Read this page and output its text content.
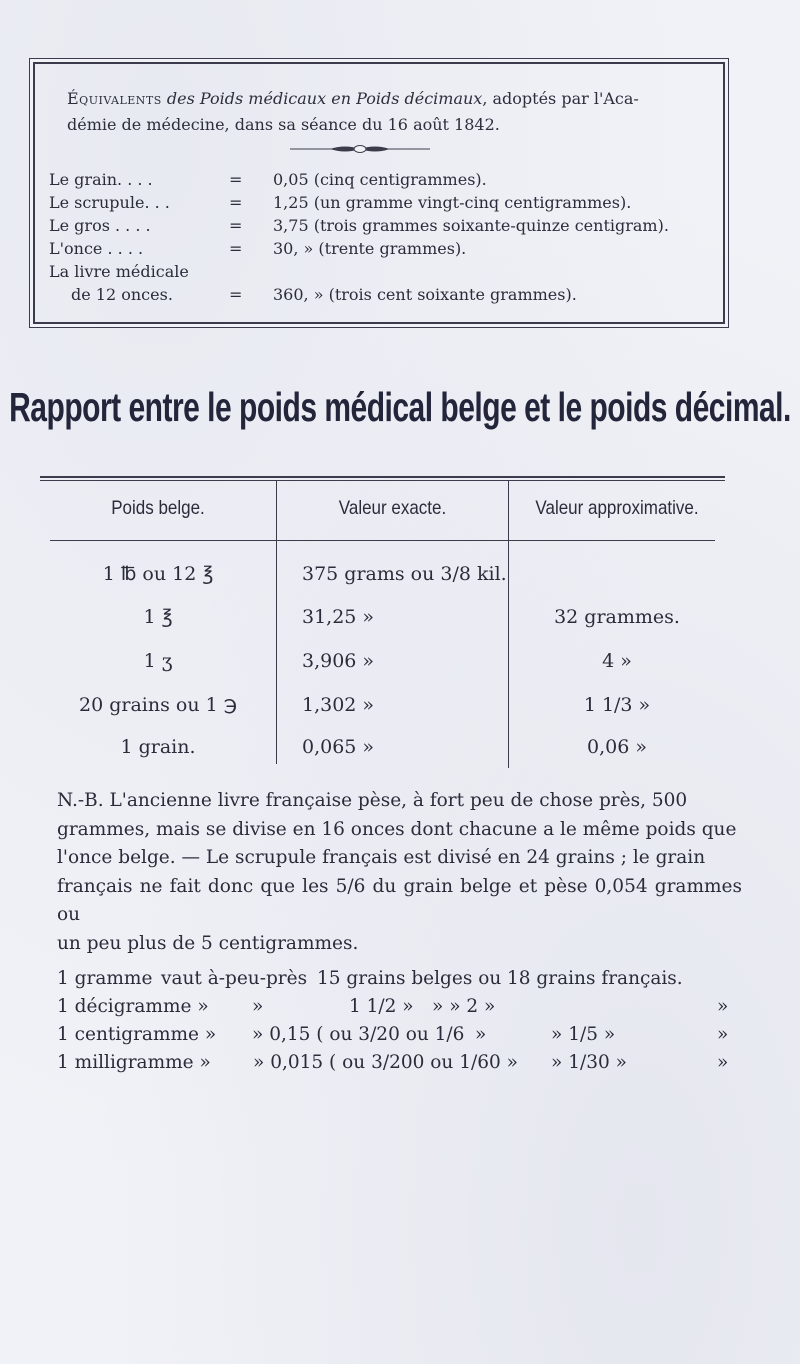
Équivalents des Poids médicaux en Poids décimaux, adoptés par l'Aca-
démie de médecine, dans sa séance du 16 août 1842.
Le grain. . . .	= 0,05 (cinq centigrammes).
Le scrupule. . .	= 1,25 (un gramme vingt-cinq centigrammes).
Le gros . . . .	= 3,75 (trois grammes soixante-quinze centigram).
L'once . . . .	= 30, » (trente grammes).
La livre médicale
de 12 onces.	= 360, » (trois cent soixante grammes).
Rapport entre le poids médical belge et le poids décimal.
Poids belge.	Valeur exacte.	Valeur approximative.
1 ℔ ou 12 ℥	375 grams ou 3/8 kil.
1 ℥	31,25 »	32 grammes.
1 ʒ	3,906 »	4 »
20 grains ou 1 ℈	1,302 »	1 1/3 »
1 grain.	0,065 »	0,06 »
N.-B. L'ancienne livre française pèse, à fort peu de chose près, 500
grammes, mais se divise en 16 onces dont chacune a le même poids que
l'once belge. — Le scrupule français est divisé en 24 grains ; le grain
français ne fait donc que les 5/6 du grain belge et pèse 0,054 grammes ou
un peu plus de 5 centigrammes.
1 gramme vaut à-peu-près 15 grains belges ou 18 grains français.
1 décigramme » »	1 1/2 » » » 2 »	»
1 centigramme » » 0,15 ( ou 3/20 ou 1/6 »	» 1/5 »	»
1 milligramme » » 0,015 ( ou 3/200 ou 1/60 » » 1/30 »	»
